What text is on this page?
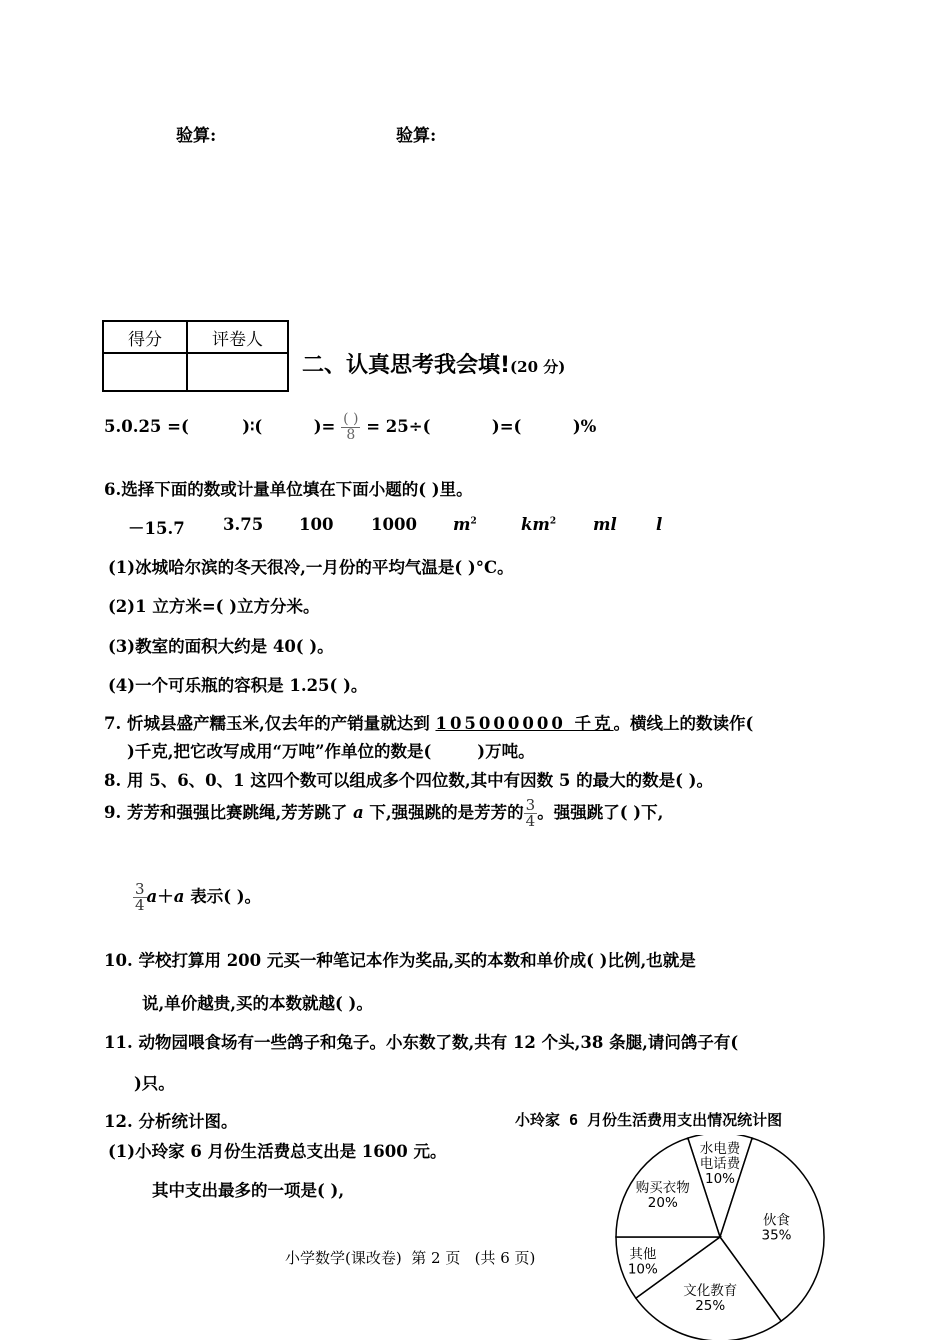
验算:	验算:
得分	评卷人

二、认真思考我会填!(20 分)
5.0.25 =(	)∶(	)= $\frac{( )}{8} = 25\div$(	)=(	)%
6.选择下面的数或计量单位填在下面小题的( )里。
－15.7 3.75 100 1000 $m^2$	$km^2$ ml l
(1)冰城哈尔滨的冬天很冷,一月份的平均气温是( )°C。
(2)1 立方米=( )立方分米。
(3)教室的面积大约是 40( )。
(4)一个可乐瓶的容积是 1.25( )。
7. 忻城县盛产糯玉米,仅去年的产销量就达到 105000000 千克。横线上的数读作(
)千克,把它改写成用“万吨”作单位的数是(        )万吨。
8. 用 5、6、0、1 这四个数可以组成多个四位数,其中有因数 5 的最大的数是( )。
9. 芳芳和强强比赛跳绳,芳芳跳了 a 下,强强跳的是芳芳的 $\frac{3}{4}$ 。强强跳了( )下,
$\frac{3}{4} a+a$ 表示( )。
10. 学校打算用 200 元买一种笔记本作为奖品,买的本数和单价成( )比例,也就是
说,单价越贵,买的本数就越( )。
11. 动物园喂食场有一些鸽子和兔子。小东数了数,共有 12 个头,38 条腿,请问鸽子有(
)只。
12. 分析统计图。
(1)小玲家 6 月份生活费总支出是 1600 元。
其中支出最多的一项是( ),
小玲家 6 月份生活费用支出情况统计图
水电费
电话费
10%
伙食
35%
文化教育
25%
其他
10%
购买衣物
20%
小学数学(课改卷)  第 2 页   (共 6 页)
